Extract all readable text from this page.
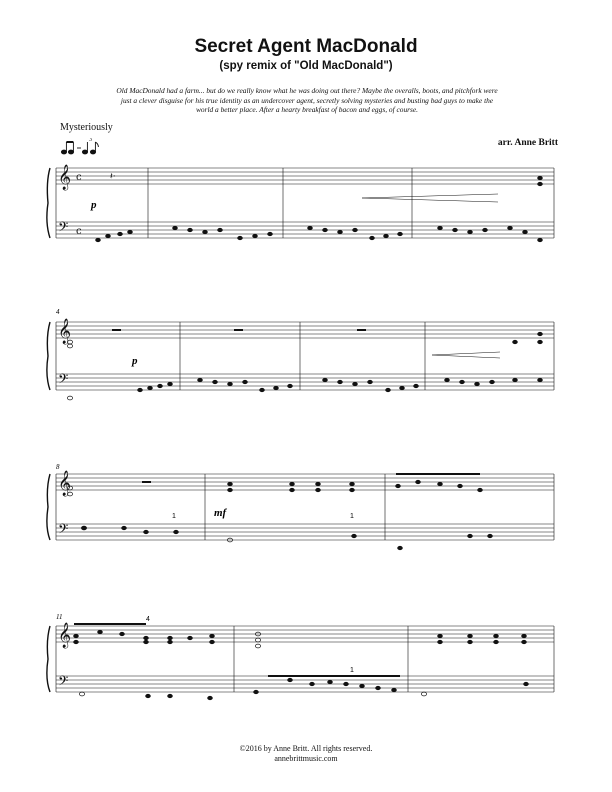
Secret Agent MacDonald
(spy remix of "Old MacDonald")
Old MacDonald had a farm... but do we really know what he was doing out there? Maybe the overalls, boots, and pitchfork were just a clever disguise for his true identity as an undercover agent, secretly solving mysteries and busting bad guys to make the world a better place. After a hearty breakfast of bacon and eggs, of course.
Mysteriously
3	arr. Anne Britt
𝄞
𝄢
c
c
𝄽·
p
4
𝄞
𝄢
p
8
𝄞
𝄢
mf
1	1
11
𝄞
𝄢
4
1
©2016 by Anne Britt. All rights reserved.
annebrittmusic.com
